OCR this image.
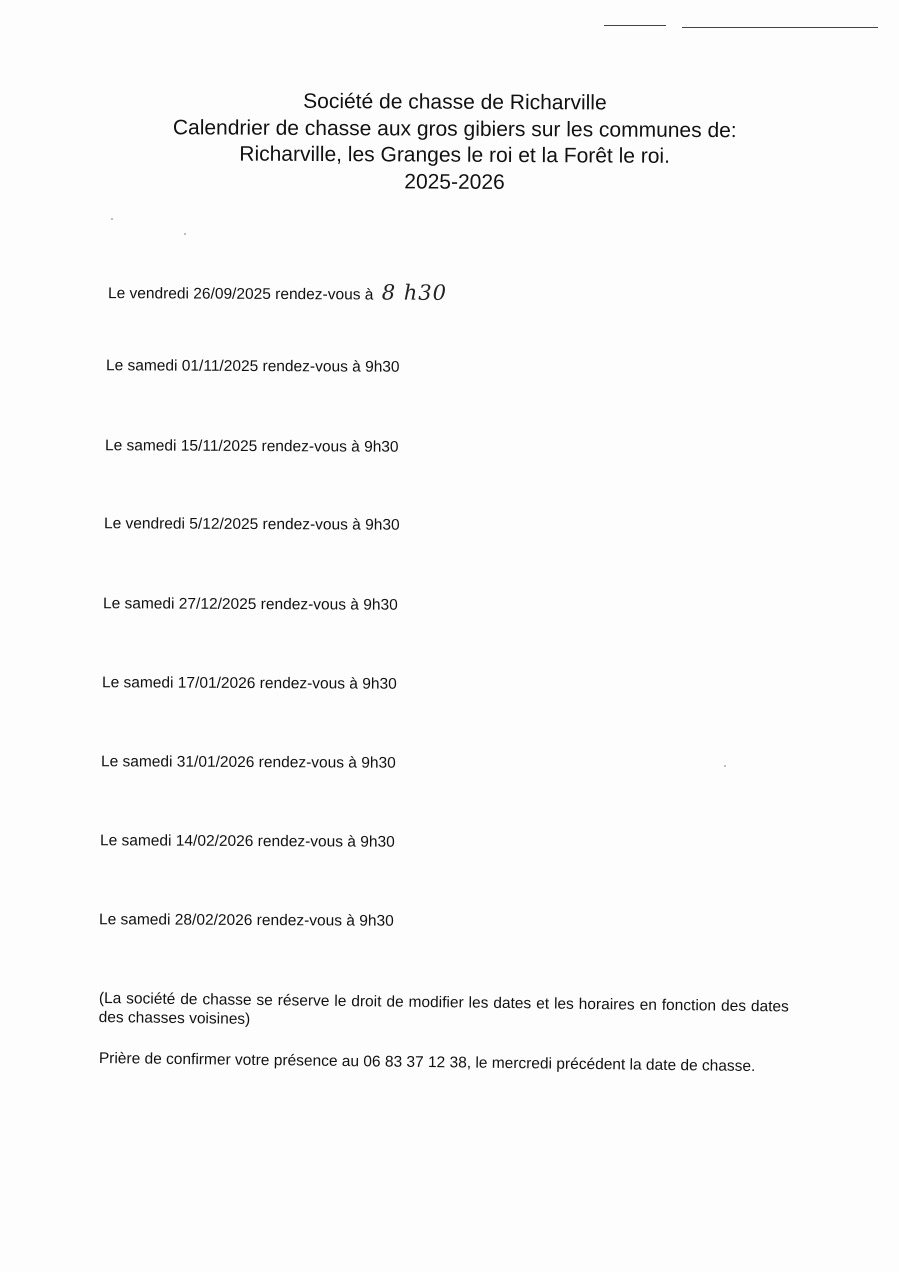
Société de chasse de Richarville
Calendrier de chasse aux gros gibiers sur les communes de:
Richarville, les Granges le roi et la Forêt le roi.
2025-2026
Le vendredi 26/09/2025 rendez-vous à 8 h30
Le samedi 01/11/2025 rendez-vous à 9h30
Le samedi 15/11/2025 rendez-vous à 9h30
Le vendredi 5/12/2025 rendez-vous à 9h30
Le samedi 27/12/2025 rendez-vous à 9h30
Le samedi 17/01/2026 rendez-vous à 9h30
Le samedi 31/01/2026 rendez-vous à 9h30
Le samedi 14/02/2026 rendez-vous à 9h30
Le samedi 28/02/2026 rendez-vous à 9h30
(La société de chasse se réserve le droit de modifier les dates et les horaires en fonction des dates des chasses voisines)
Prière de confirmer votre présence au 06 83 37 12 38, le mercredi précédent la date de chasse.
